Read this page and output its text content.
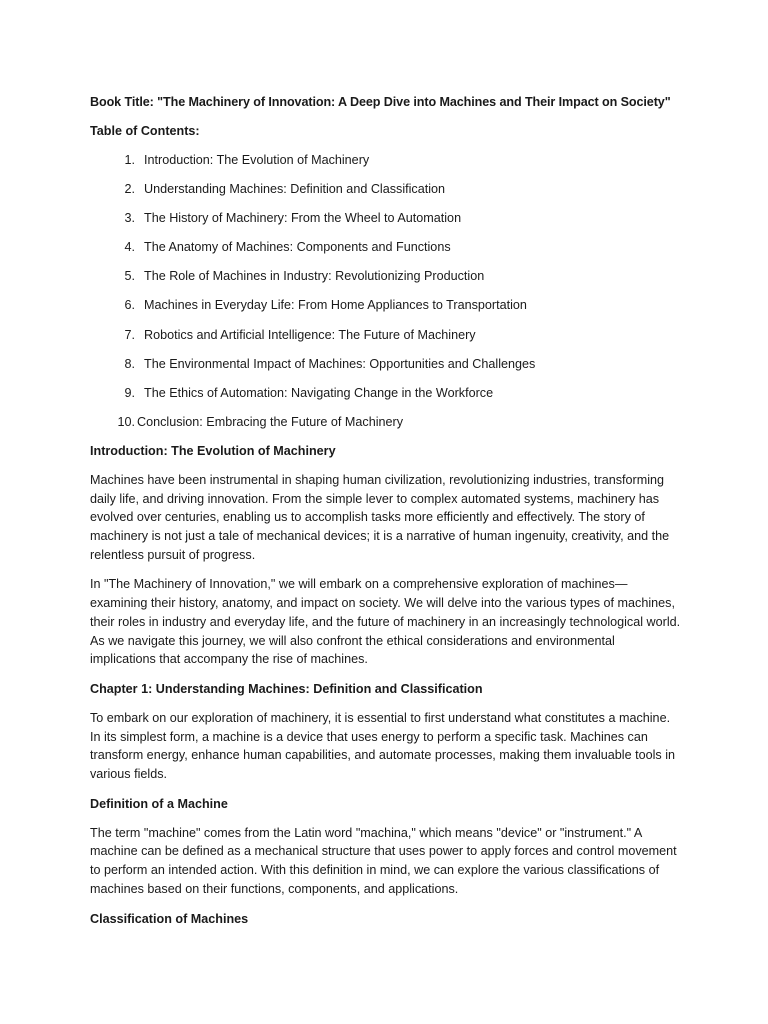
Book Title: "The Machinery of Innovation: A Deep Dive into Machines and Their Impact on Society"
Table of Contents:
1. Introduction: The Evolution of Machinery
2. Understanding Machines: Definition and Classification
3. The History of Machinery: From the Wheel to Automation
4. The Anatomy of Machines: Components and Functions
5. The Role of Machines in Industry: Revolutionizing Production
6. Machines in Everyday Life: From Home Appliances to Transportation
7. Robotics and Artificial Intelligence: The Future of Machinery
8. The Environmental Impact of Machines: Opportunities and Challenges
9. The Ethics of Automation: Navigating Change in the Workforce
10. Conclusion: Embracing the Future of Machinery
Introduction: The Evolution of Machinery

Machines have been instrumental in shaping human civilization, revolutionizing industries, transforming daily life, and driving innovation. From the simple lever to complex automated systems, machinery has evolved over centuries, enabling us to accomplish tasks more efficiently and effectively. The story of machinery is not just a tale of mechanical devices; it is a narrative of human ingenuity, creativity, and the relentless pursuit of progress.

In "The Machinery of Innovation," we will embark on a comprehensive exploration of machines—examining their history, anatomy, and impact on society. We will delve into the various types of machines, their roles in industry and everyday life, and the future of machinery in an increasingly technological world. As we navigate this journey, we will also confront the ethical considerations and environmental implications that accompany the rise of machines.

Chapter 1: Understanding Machines: Definition and Classification

To embark on our exploration of machinery, it is essential to first understand what constitutes a machine. In its simplest form, a machine is a device that uses energy to perform a specific task. Machines can transform energy, enhance human capabilities, and automate processes, making them invaluable tools in various fields.

Definition of a Machine

The term "machine" comes from the Latin word "machina," which means "device" or "instrument." A machine can be defined as a mechanical structure that uses power to apply forces and control movement to perform an intended action. With this definition in mind, we can explore the various classifications of machines based on their functions, components, and applications.

Classification of Machines
